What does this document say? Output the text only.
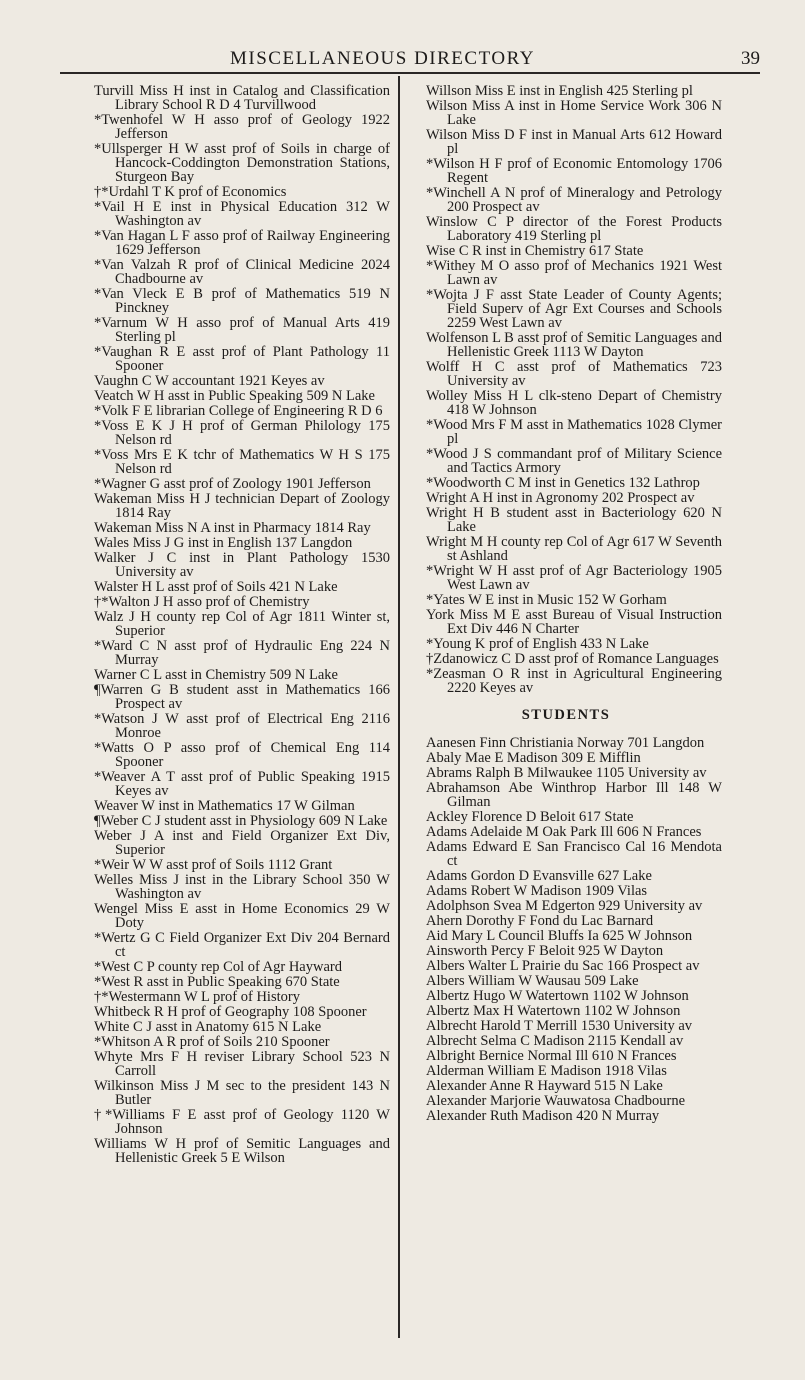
MISCELLANEOUS DIRECTORY	39

Turvill Miss H inst in Catalog and Classification Library School R D 4 Turvillwood

*Twenhofel W H asso prof of Geology 1922 Jefferson

*Ullsperger H W asst prof of Soils in charge of Hancock-Coddington Demonstration Stations, Sturgeon Bay

†*Urdahl T K prof of Economics

*Vail H E inst in Physical Education 312 W Washington av

*Van Hagan L F asso prof of Railway Engineering 1629 Jefferson

*Van Valzah R prof of Clinical Medicine 2024 Chadbourne av

*Van Vleck E B prof of Mathematics 519 N Pinckney

*Varnum W H asso prof of Manual Arts 419 Sterling pl

*Vaughan R E asst prof of Plant Pathology 11 Spooner

Vaughn C W accountant 1921 Keyes av

Veatch W H asst in Public Speaking 509 N Lake

*Volk F E librarian College of Engineering R D 6

*Voss E K J H prof of German Philology 175 Nelson rd

*Voss Mrs E K tchr of Mathematics W H S 175 Nelson rd

*Wagner G asst prof of Zoology 1901 Jefferson

Wakeman Miss H J technician Depart of Zoology 1814 Ray

Wakeman Miss N A inst in Pharmacy 1814 Ray

Wales Miss J G inst in English 137 Langdon

Walker J C inst in Plant Pathology 1530 University av

Walster H L asst prof of Soils 421 N Lake

†*Walton J H asso prof of Chemistry

Walz J H county rep Col of Agr 1811 Winter st, Superior

*Ward C N asst prof of Hydraulic Eng 224 N Murray

Warner C L asst in Chemistry 509 N Lake

¶Warren G B student asst in Mathematics 166 Prospect av

*Watson J W asst prof of Electrical Eng 2116 Monroe

*Watts O P asso prof of Chemical Eng 114 Spooner

*Weaver A T asst prof of Public Speaking 1915 Keyes av

Weaver W inst in Mathematics 17 W Gilman

¶Weber C J student asst in Physiology 609 N Lake

Weber J A inst and Field Organizer Ext Div, Superior

*Weir W W asst prof of Soils 1112 Grant

Welles Miss J inst in the Library School 350 W Washington av

Wengel Miss E asst in Home Economics 29 W Doty

*Wertz G C Field Organizer Ext Div 204 Bernard ct

*West C P county rep Col of Agr Hayward

*West R asst in Public Speaking 670 State

†*Westermann W L prof of History

Whitbeck R H prof of Geography 108 Spooner

White C J asst in Anatomy 615 N Lake

*Whitson A R prof of Soils 210 Spooner

Whyte Mrs F H reviser Library School 523 N Carroll

Wilkinson Miss J M sec to the president 143 N Butler

†*Williams F E asst prof of Geology 1120 W Johnson

Williams W H prof of Semitic Languages and Hellenistic Greek 5 E Wilson

Willson Miss E inst in English 425 Sterling pl

Wilson Miss A inst in Home Service Work 306 N Lake

Wilson Miss D F inst in Manual Arts 612 Howard pl

*Wilson H F prof of Economic Entomology 1706 Regent

*Winchell A N prof of Mineralogy and Petrology 200 Prospect av

Winslow C P director of the Forest Products Laboratory 419 Sterling pl

Wise C R inst in Chemistry 617 State

*Withey M O asso prof of Mechanics 1921 West Lawn av

*Wojta J F asst State Leader of County Agents; Field Superv of Agr Ext Courses and Schools 2259 West Lawn av

Wolfenson L B asst prof of Semitic Languages and Hellenistic Greek 1113 W Dayton

Wolff H C asst prof of Mathematics 723 University av

Wolley Miss H L clk-steno Depart of Chemistry 418 W Johnson

*Wood Mrs F M asst in Mathematics 1028 Clymer pl

*Wood J S commandant prof of Military Science and Tactics Armory

*Woodworth C M inst in Genetics 132 Lathrop

Wright A H inst in Agronomy 202 Prospect av

Wright H B student asst in Bacteriology 620 N Lake

Wright M H county rep Col of Agr 617 W Seventh st Ashland

*Wright W H asst prof of Agr Bacteriology 1905 West Lawn av

*Yates W E inst in Music 152 W Gorham

York Miss M E asst Bureau of Visual Instruction Ext Div 446 N Charter

*Young K prof of English 433 N Lake

†Zdanowicz C D asst prof of Romance Languages

*Zeasman O R inst in Agricultural Engineering 2220 Keyes av

STUDENTS

Aanesen Finn Christiania Norway 701 Langdon

Abaly Mae E Madison 309 E Mifflin

Abrams Ralph B Milwaukee 1105 University av

Abrahamson Abe Winthrop Harbor Ill 148 W Gilman

Ackley Florence D Beloit 617 State

Adams Adelaide M Oak Park Ill 606 N Frances

Adams Edward E San Francisco Cal 16 Mendota ct

Adams Gordon D Evansville 627 Lake

Adams Robert W Madison 1909 Vilas

Adolphson Svea M Edgerton 929 University av

Ahern Dorothy F Fond du Lac Barnard

Aid Mary L Council Bluffs Ia 625 W Johnson

Ainsworth Percy F Beloit 925 W Dayton

Albers Walter L Prairie du Sac 166 Prospect av

Albers William W Wausau 509 Lake

Albertz Hugo W Watertown 1102 W Johnson

Albertz Max H Watertown 1102 W Johnson

Albrecht Harold T Merrill 1530 University av

Albrecht Selma C Madison 2115 Kendall av

Albright Bernice Normal Ill 610 N Frances

Alderman William E Madison 1918 Vilas

Alexander Anne R Hayward 515 N Lake

Alexander Marjorie Wauwatosa Chadbourne

Alexander Ruth Madison 420 N Murray
